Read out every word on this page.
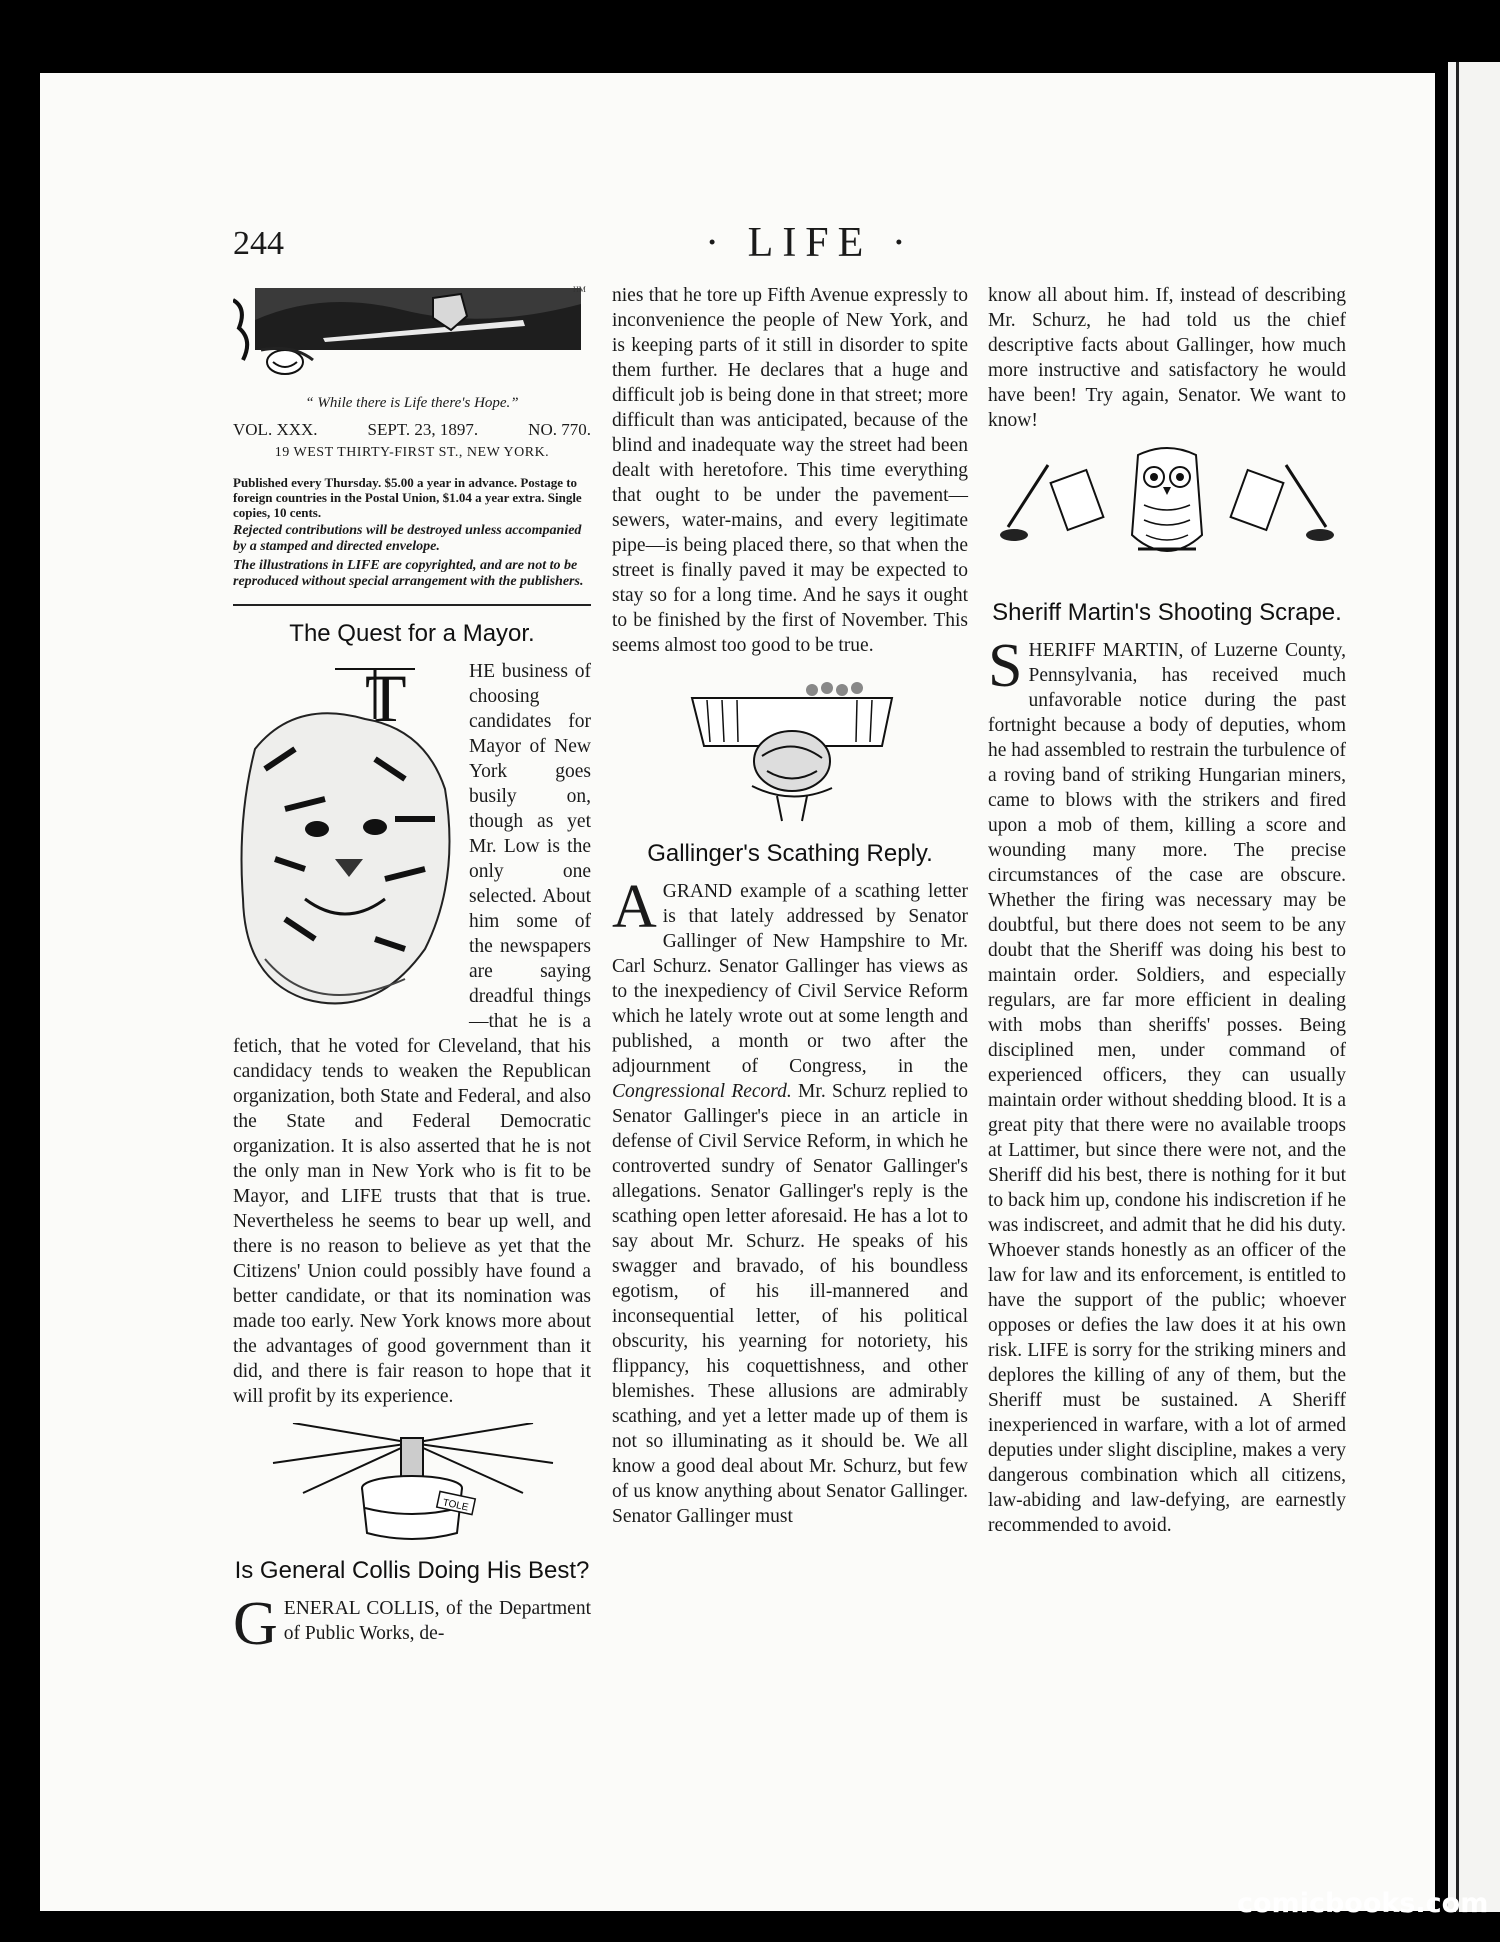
244	· LIFE ·
HM
“ While there is Life there's Hope.”
VOL. XXX.	SEPT. 23, 1897.	NO. 770.
19 WEST THIRTY-FIRST ST., NEW YORK.
Published every Thursday. $5.00 a year in advance. Postage to foreign countries in the Postal Union, $1.04 a year extra. Single copies, 10 cents.
Rejected contributions will be destroyed unless accompanied by a stamped and directed envelope.
The illustrations in LIFE are copyrighted, and are not to be reproduced without special arrangement with the publishers.
The Quest for a Mayor.
T	HE business of choosing candidates for Mayor of New York goes busily on, though as yet Mr. Low is the only one selected. About him some of the newspapers are saying dreadful things—that he is a fetich, that he voted for Cleveland, that his candidacy tends to weaken the Republican organization, both State and Federal, and also the State and Federal Democratic organization. It is also asserted that he is not the only man in New York who is fit to be Mayor, and LIFE trusts that that is true. Nevertheless he seems to bear up well, and there is no reason to believe as yet that the Citizens' Union could possibly have found a better candidate, or that its nomination was made too early. New York knows more about the advantages of good government than it did, and there is fair reason to hope that it will profit by its experience.

TOLE
Is General Collis Doing His Best?

GENERAL COLLIS, of the Department of Public Works, de-

nies that he tore up Fifth Avenue expressly to inconvenience the people of New York, and is keeping parts of it still in disorder to spite them further. He declares that a huge and difficult job is being done in that street; more difficult than was anticipated, because of the blind and inadequate way the street had been dealt with heretofore. This time everything that ought to be under the pavement—sewers, water-mains, and every legitimate pipe—is being placed there, so that when the street is finally paved it may be expected to stay so for a long time. And he says it ought to be finished by the first of November. This seems almost too good to be true.

Gallinger's Scathing Reply.

AGRAND example of a scathing letter is that lately addressed by Senator Gallinger of New Hampshire to Mr. Carl Schurz. Senator Gallinger has views as to the inexpediency of Civil Service Reform which he lately wrote out at some length and published, a month or two after the adjournment of Congress, in the Congressional Record. Mr. Schurz replied to Senator Gallinger's piece in an article in defense of Civil Service Reform, in which he controverted sundry of Senator Gallinger's allegations. Senator Gallinger's reply is the scathing open letter aforesaid. He has a lot to say about Mr. Schurz. He speaks of his swagger and bravado, of his boundless egotism, of his ill-mannered and inconsequential letter, of his political obscurity, his yearning for notoriety, his flippancy, his coquettishness, and other blemishes. These allusions are admirably scathing, and yet a letter made up of them is not so illuminating as it should be. We all know a good deal about Mr. Schurz, but few of us know anything about Senator Gallinger. Senator Gallinger must

know all about him. If, instead of describing Mr. Schurz, he had told us the chief descriptive facts about Gallinger, how much more instructive and satisfactory he would have been! Try again, Senator. We want to know!

Sheriff Martin's Shooting Scrape.

SHERIFF MARTIN, of Luzerne County, Pennsylvania, has received much unfavorable notice during the past fortnight because a body of deputies, whom he had assembled to restrain the turbulence of a roving band of striking Hungarian miners, came to blows with the strikers and fired upon a mob of them, killing a score and wounding many more. The precise circumstances of the case are obscure. Whether the firing was necessary may be doubtful, but there does not seem to be any doubt that the Sheriff was doing his best to maintain order. Soldiers, and especially regulars, are far more efficient in dealing with mobs than sheriffs' posses. Being disciplined men, under command of experienced officers, they can usually maintain order without shedding blood. It is a great pity that there were no available troops at Lattimer, but since there were not, and the Sheriff did his best, there is nothing for it but to back him up, condone his indiscretion if he was indiscreet, and admit that he did his duty. Whoever stands honestly as an officer of the law for law and its enforcement, is entitled to have the support of the public; whoever opposes or defies the law does it at his own risk. LIFE is sorry for the striking miners and deplores the killing of any of them, but the Sheriff must be sustained. A Sheriff inexperienced in warfare, with a lot of armed deputies under slight discipline, makes a very dangerous combination which all citizens, law-abiding and law-defying, are earnestly recommended to avoid.

comicbooks.com
